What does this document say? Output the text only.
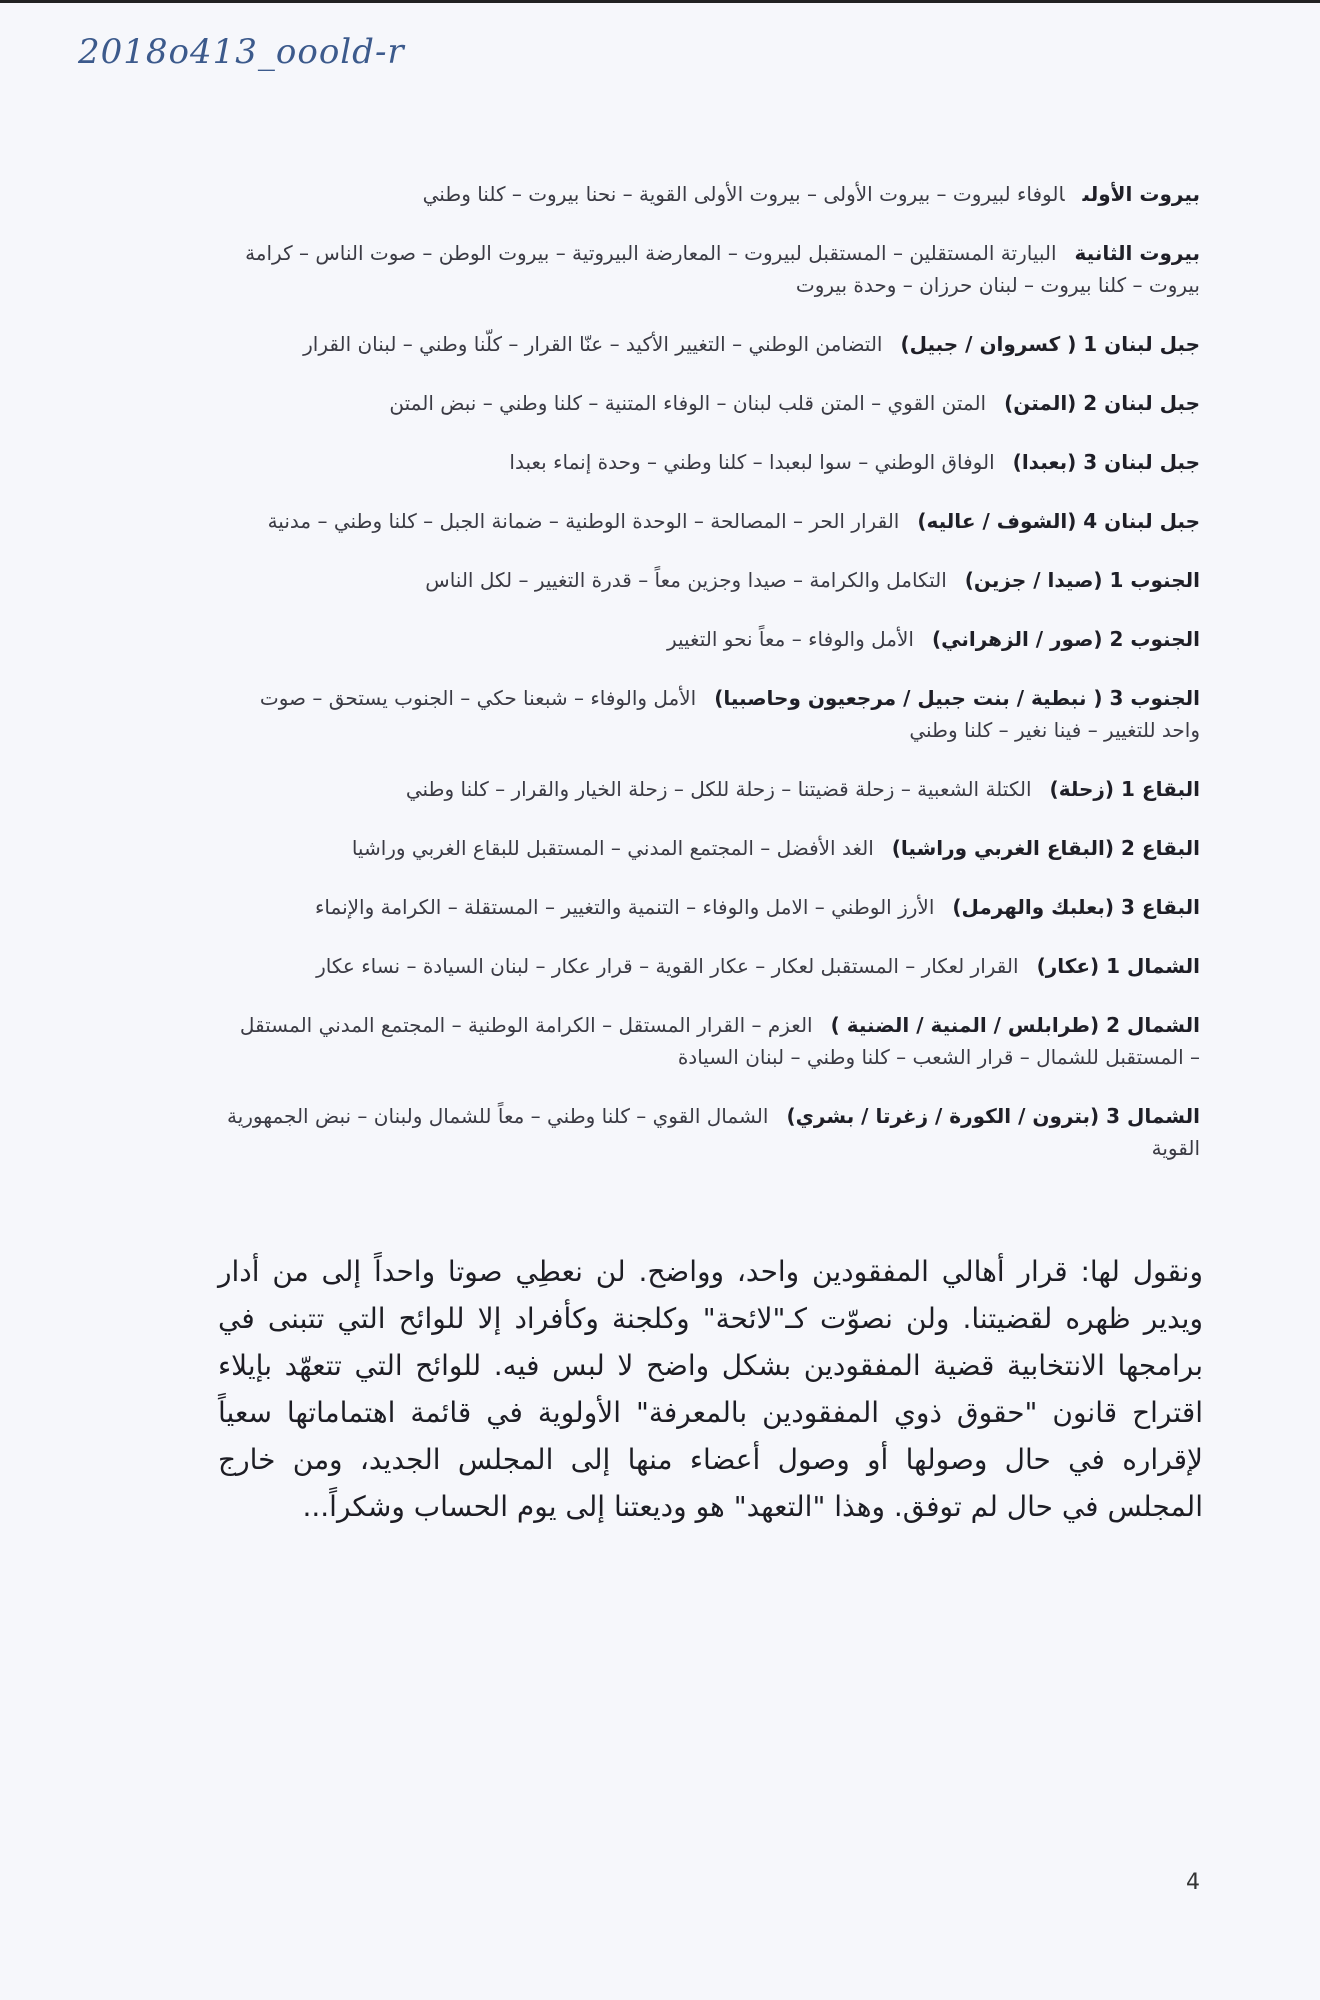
2018o413_ooold-r
بيروت الأولىالوفاء لبيروت – بيروت الأولى – بيروت الأولى القوية – نحنا بيروت – كلنا وطني
بيروت الثانيةالبيارتة المستقلين – المستقبل لبيروت – المعارضة البيروتية – بيروت الوطن – صوت الناس – كرامة بيروت – كلنا بيروت – لبنان حرزان – وحدة بيروت
جبل لبنان 1 ( كسروان / جبيل)التضامن الوطني – التغيير الأكيد – عنّا القرار – كلّنا وطني – لبنان القرار
جبل لبنان 2 (المتن)المتن القوي – المتن قلب لبنان – الوفاء المتنية – كلنا وطني – نبض المتن
جبل لبنان 3 (بعبدا)الوفاق الوطني – سوا لبعبدا – كلنا وطني – وحدة إنماء بعبدا
جبل لبنان 4 (الشوف / عاليه)القرار الحر – المصالحة – الوحدة الوطنية – ضمانة الجبل – كلنا وطني – مدنية
الجنوب 1 (صيدا / جزين)التكامل والكرامة – صيدا وجزين معاً – قدرة التغيير – لكل الناس
الجنوب 2 (صور / الزهراني)الأمل والوفاء – معاً نحو التغيير
الجنوب 3 ( نبطية / بنت جبيل / مرجعيون وحاصبيا)الأمل والوفاء – شبعنا حكي – الجنوب يستحق – صوت واحد للتغيير – فينا نغير – كلنا وطني
البقاع 1 (زحلة)الكتلة الشعبية – زحلة قضيتنا – زحلة للكل – زحلة الخيار والقرار – كلنا وطني
البقاع 2 (البقاع الغربي وراشيا)الغد الأفضل – المجتمع المدني – المستقبل للبقاع الغربي وراشيا
البقاع 3 (بعلبك والهرمل)الأرز الوطني – الامل والوفاء – التنمية والتغيير – المستقلة – الكرامة والإنماء
الشمال 1 (عكار)القرار لعكار – المستقبل لعكار – عكار القوية – قرار عكار – لبنان السيادة – نساء عكار
الشمال 2 (طرابلس / المنية / الضنية )العزم – القرار المستقل – الكرامة الوطنية – المجتمع المدني المستقل – المستقبل للشمال – قرار الشعب – كلنا وطني – لبنان السيادة
الشمال 3 (بترون / الكورة / زغرتا / بشري)الشمال القوي – كلنا وطني – معاً للشمال ولبنان – نبض الجمهورية القوية

ونقول لها: قرار أهالي المفقودين واحد، وواضح. لن نعطِي صوتا واحداً إلى من أدار ويدير ظهره لقضيتنا. ولن نصوّت كـ"لائحة" وكلجنة وكأفراد إلا للوائح التي تتبنى في برامجها الانتخابية قضية المفقودين بشكل واضح لا لبس فيه. للوائح التي تتعهّد بإيلاء اقتراح قانون "حقوق ذوي المفقودين بالمعرفة" الأولوية في قائمة اهتماماتها سعياً لإقراره في حال وصولها أو وصول أعضاء منها إلى المجلس الجديد، ومن خارج المجلس في حال لم توفق. وهذا "التعهد" هو وديعتنا إلى يوم الحساب وشكراً...

4
